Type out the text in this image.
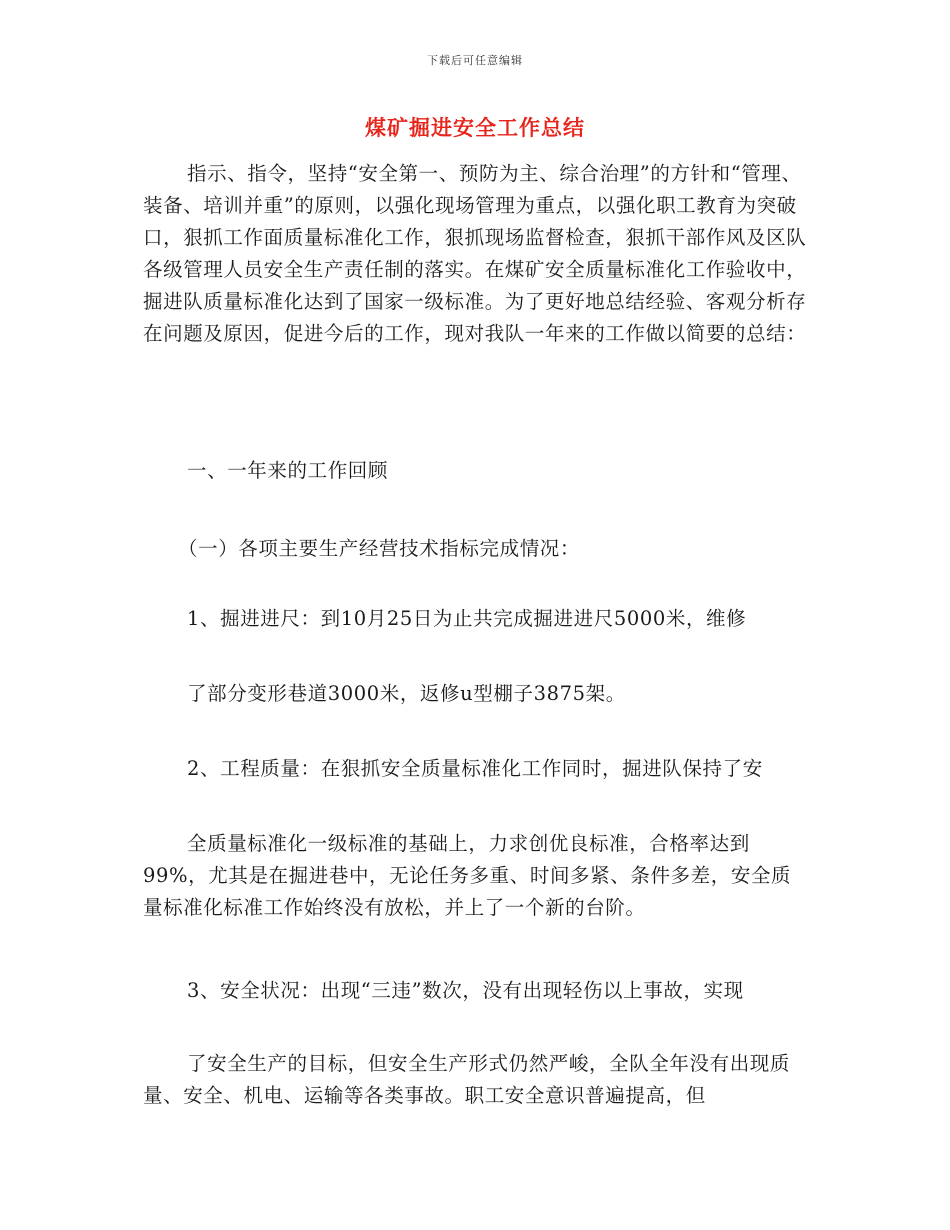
下载后可任意编辑
煤矿掘进安全工作总结

指示、指令，坚持“安全第一、预防为主、综合治理”的方针和“管理、装备、培训并重”的原则，以强化现场管理为重点，以强化职工教育为突破口，狠抓工作面质量标准化工作，狠抓现场监督检查，狠抓干部作风及区队各级管理人员安全生产责任制的落实。在煤矿安全质量标准化工作验收中，掘进队质量标准化达到了国家一级标准。为了更好地总结经验、客观分析存在问题及原因，促进今后的工作，现对我队一年来的工作做以简要的总结：

一、一年来的工作回顾

（一）各项主要生产经营技术指标完成情况：

1、掘进进尺：到10月25日为止共完成掘进进尺5000米，维修

了部分变形巷道3000米，返修u型棚子3875架。

2、工程质量：在狠抓安全质量标准化工作同时，掘进队保持了安

全质量标准化一级标准的基础上，力求创优良标准，合格率达到99%，尤其是在掘进巷中，无论任务多重、时间多紧、条件多差，安全质量标准化标准工作始终没有放松，并上了一个新的台阶。

3、安全状况：出现“三违”数次，没有出现轻伤以上事故，实现

了安全生产的目标，但安全生产形式仍然严峻，全队全年没有出现质量、安全、机电、运输等各类事故。职工安全意识普遍提高，但
